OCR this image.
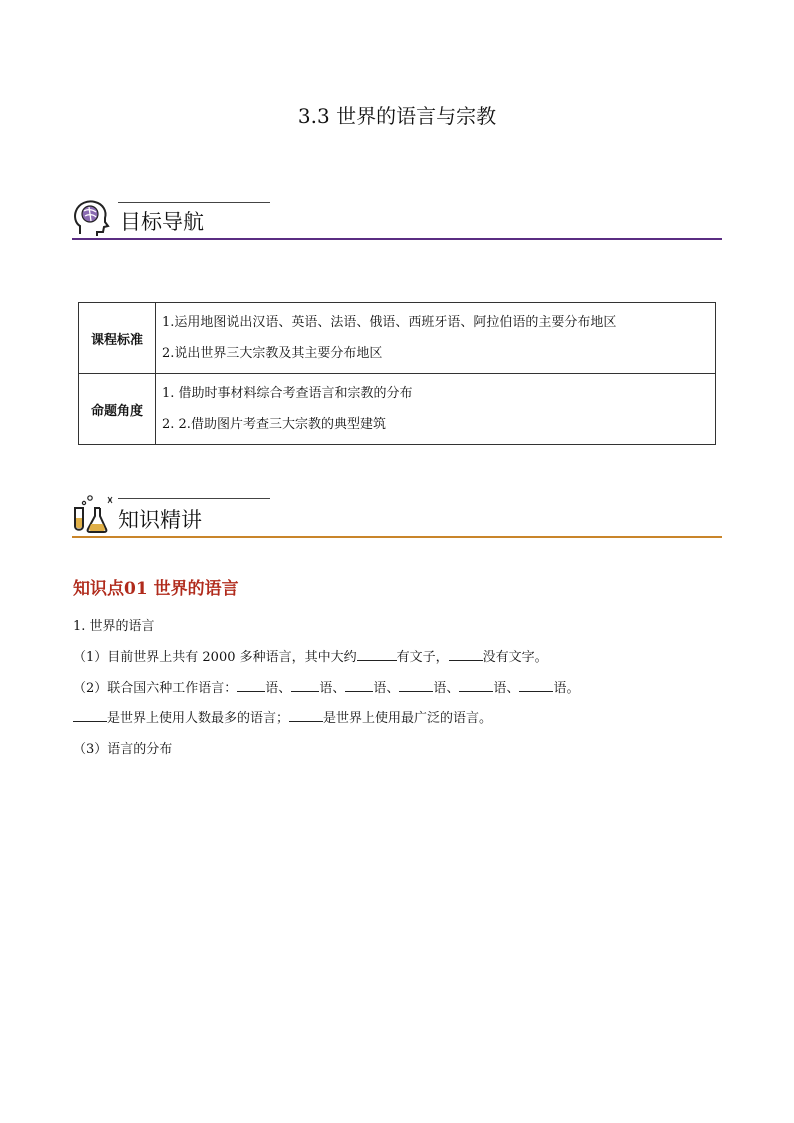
3.3 世界的语言与宗教
目标导航
课程标准	1.运用地图说出汉语、英语、法语、俄语、西班牙语、阿拉伯语的主要分布地区
2.说出世界三大宗教及其主要分布地区

命题角度	1. 借助时事材料综合考查语言和宗教的分布
2. 2.借助图片考查三大宗教的典型建筑
知识精讲
知识点01 世界的语言
1. 世界的语言
（1）目前世界上共有 2000 多种语言，其中大约	有文子，	没有文字。
（2）联合国六种工作语言： 语、 语、 语、	语、	语、	语。
是世界上使用人数最多的语言；	是世界上使用最广泛的语言。
（3）语言的分布
